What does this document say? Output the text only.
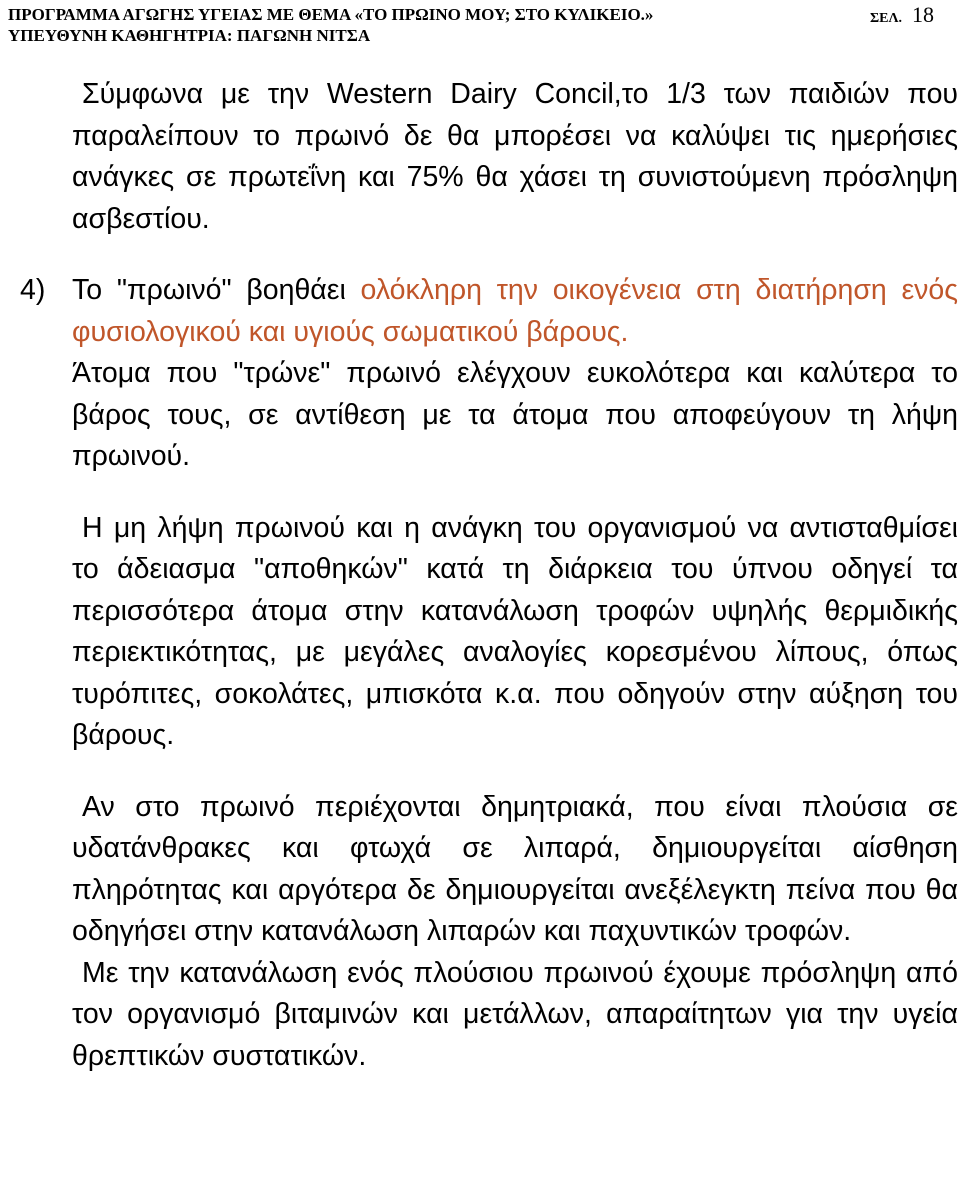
ΠΡΟΓΡΑΜΜΑ ΑΓΩΓΗΣ ΥΓΕΙΑΣ ΜΕ ΘΕΜΑ «ΤΟ ΠΡΩΙΝΟ ΜΟΥ; ΣΤΟ ΚΥΛΙΚΕΙΟ.»	ΣΕΛ. 18
ΥΠΕΥΘΥΝΗ ΚΑΘΗΓΗΤΡΙΑ: ΠΑΓΩΝΗ ΝΙΤΣΑ

Σύμφωνα με την Western Dairy Concil,το 1/3 των παιδιών που παραλείπουν το πρωινό δε θα μπορέσει να καλύψει τις ημερήσιες ανάγκες σε πρωτεΐνη και 75% θα χάσει τη συνιστούμενη πρόσληψη ασβεστίου.

4) Το "πρωινό" βοηθάει ολόκληρη την οικογένεια στη διατήρηση ενός φυσιολογικού και υγιούς σωματικού βάρους.

Άτομα που "τρώνε" πρωινό ελέγχουν ευκολότερα και καλύτερα το βάρος τους, σε αντίθεση με τα άτομα που αποφεύγουν τη λήψη πρωινού.

Η μη λήψη πρωινού και η ανάγκη του οργανισμού να αντισταθμίσει το άδειασμα "αποθηκών" κατά τη διάρκεια του ύπνου οδηγεί τα περισσότερα άτομα στην κατανάλωση τροφών υψηλής θερμιδικής περιεκτικότητας, με μεγάλες αναλογίες κορεσμένου λίπους, όπως τυρόπιτες, σοκολάτες, μπισκότα κ.α. που οδηγούν στην αύξηση του βάρους.

Αν στο πρωινό περιέχονται δημητριακά, που είναι πλούσια σε υδατάνθρακες και φτωχά σε λιπαρά, δημιουργείται αίσθηση πληρότητας και αργότερα δε δημιουργείται ανεξέλεγκτη πείνα που θα οδηγήσει στην κατανάλωση λιπαρών και παχυντικών τροφών.

Με την κατανάλωση ενός πλούσιου πρωινού έχουμε πρόσληψη από τον οργανισμό βιταμινών και μετάλλων, απαραίτητων για την υγεία θρεπτικών συστατικών.
